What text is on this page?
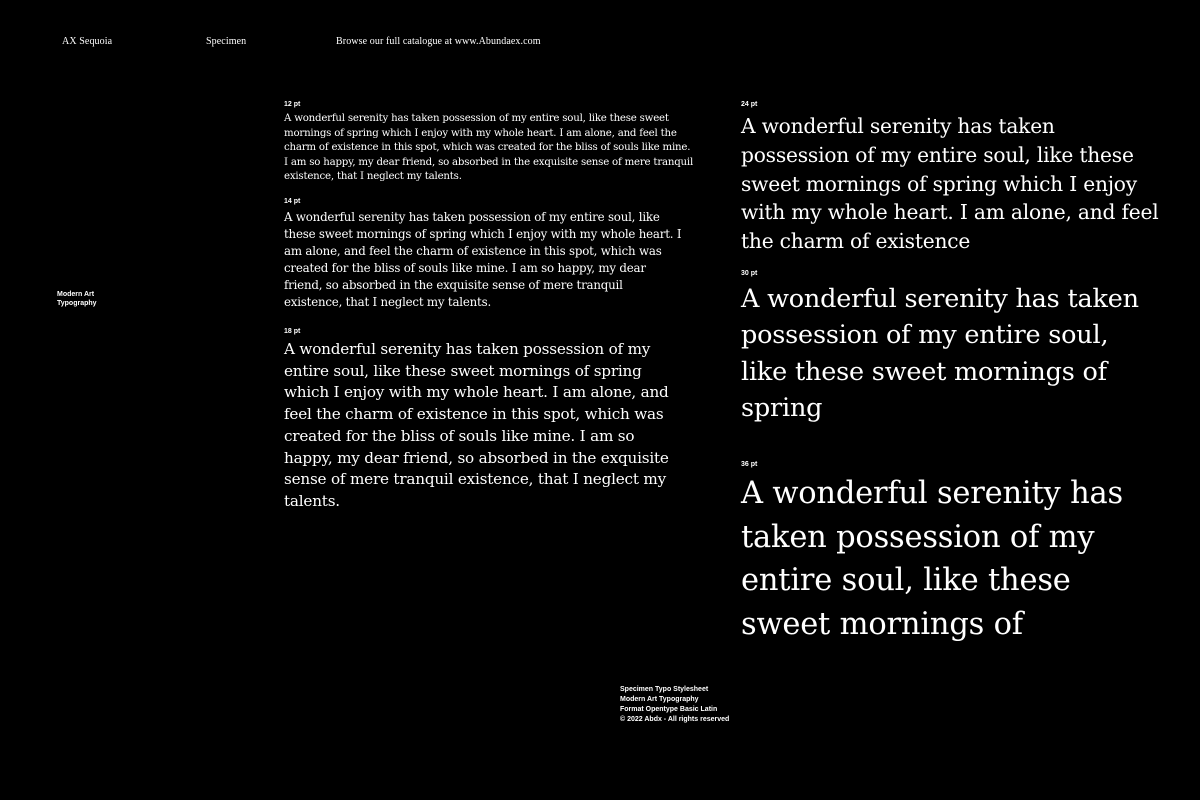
AX Sequoia	Specimen	Browse our full catalogue at www.Abundaex.com
Modern Art
Typography
12 pt

A wonderful serenity has taken possession of my entire soul, like these sweet mornings of spring which I enjoy with my whole heart. I am alone, and feel the charm of existence in this spot, which was created for the bliss of souls like mine. I am so happy, my dear friend, so absorbed in the exquisite sense of mere tranquil existence, that I neglect my talents.

14 pt

A wonderful serenity has taken possession of my entire soul, like these sweet mornings of spring which I enjoy with my whole heart. I am alone, and feel the charm of existence in this spot, which was created for the bliss of souls like mine. I am so happy, my dear friend, so absorbed in the exquisite sense of mere tranquil existence, that I neglect my talents.

18 pt

A wonderful serenity has taken possession of my entire soul, like these sweet mornings of spring which I enjoy with my whole heart. I am alone, and feel the charm of existence in this spot, which was created for the bliss of souls like mine. I am so happy, my dear friend, so absorbed in the exquisite sense of mere tranquil existence, that I neglect my talents.

24 pt

A wonderful serenity has taken possession of my entire soul, like these sweet mornings of spring which I enjoy with my whole heart. I am alone, and feel the charm of existence

30 pt

A wonderful serenity has taken possession of my entire soul, like these sweet mornings of spring

36 pt

A wonderful serenity has taken possession of my entire soul, like these sweet mornings of

Specimen Typo Stylesheet
Modern Art Typography
Format Opentype Basic Latin
© 2022 Abdx - All rights reserved
